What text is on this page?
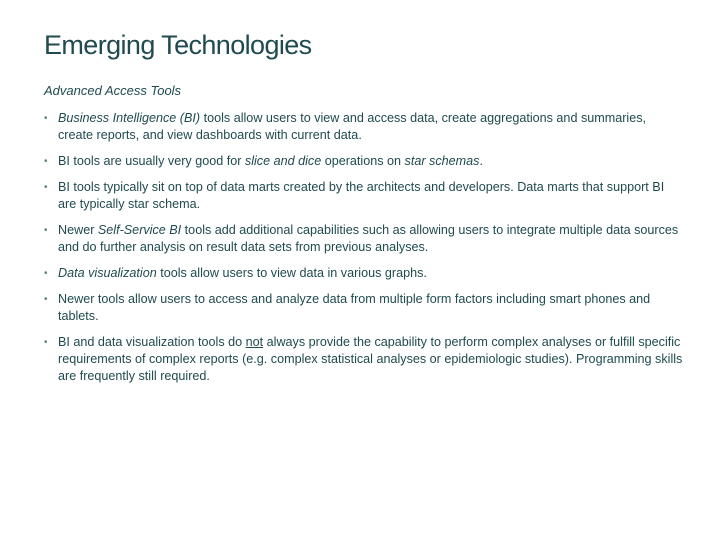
Emerging Technologies

Advanced Access Tools

• Business Intelligence (BI) tools allow users to view and access data, create aggregations and summaries, create reports, and view dashboards with current data.
• BI tools are usually very good for slice and dice operations on star schemas.
• BI tools typically sit on top of data marts created by the architects and developers. Data marts that support BI are typically star schema.
• Newer Self-Service BI tools add additional capabilities such as allowing users to integrate multiple data sources and do further analysis on result data sets from previous analyses.
• Data visualization tools allow users to view data in various graphs.
• Newer tools allow users to access and analyze data from multiple form factors including smart phones and tablets.
• BI and data visualization tools do not always provide the capability to perform complex analyses or fulfill specific requirements of complex reports (e.g. complex statistical analyses or epidemiologic studies). Programming skills are frequently still required.
